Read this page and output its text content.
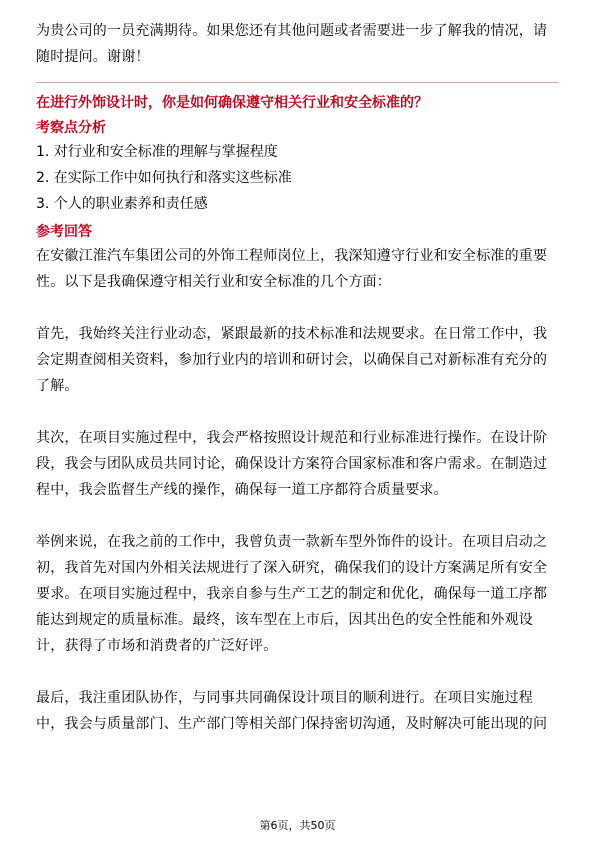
为贵公司的一员充满期待。如果您还有其他问题或者需要进一步了解我的情况，请

随时提问。谢谢！

在进行外饰设计时，你是如何确保遵守相关行业和安全标准的？

考察点分析

1. 对行业和安全标准的理解与掌握程度

2. 在实际工作中如何执行和落实这些标准

3. 个人的职业素养和责任感

参考回答

在安徽江淮汽车集团公司的外饰工程师岗位上，我深知遵守行业和安全标准的重要

性。以下是我确保遵守相关行业和安全标准的几个方面：

首先，我始终关注行业动态，紧跟最新的技术标准和法规要求。在日常工作中，我

会定期查阅相关资料，参加行业内的培训和研讨会，以确保自己对新标准有充分的

了解。

其次，在项目实施过程中，我会严格按照设计规范和行业标准进行操作。在设计阶

段，我会与团队成员共同讨论，确保设计方案符合国家标准和客户需求。在制造过

程中，我会监督生产线的操作，确保每一道工序都符合质量要求。

举例来说，在我之前的工作中，我曾负责一款新车型外饰件的设计。在项目启动之

初，我首先对国内外相关法规进行了深入研究，确保我们的设计方案满足所有安全

要求。在项目实施过程中，我亲自参与生产工艺的制定和优化，确保每一道工序都

能达到规定的质量标准。最终，该车型在上市后，因其出色的安全性能和外观设

计，获得了市场和消费者的广泛好评。

最后，我注重团队协作，与同事共同确保设计项目的顺利进行。在项目实施过程

中，我会与质量部门、生产部门等相关部门保持密切沟通，及时解决可能出现的问

第6页，共50页
